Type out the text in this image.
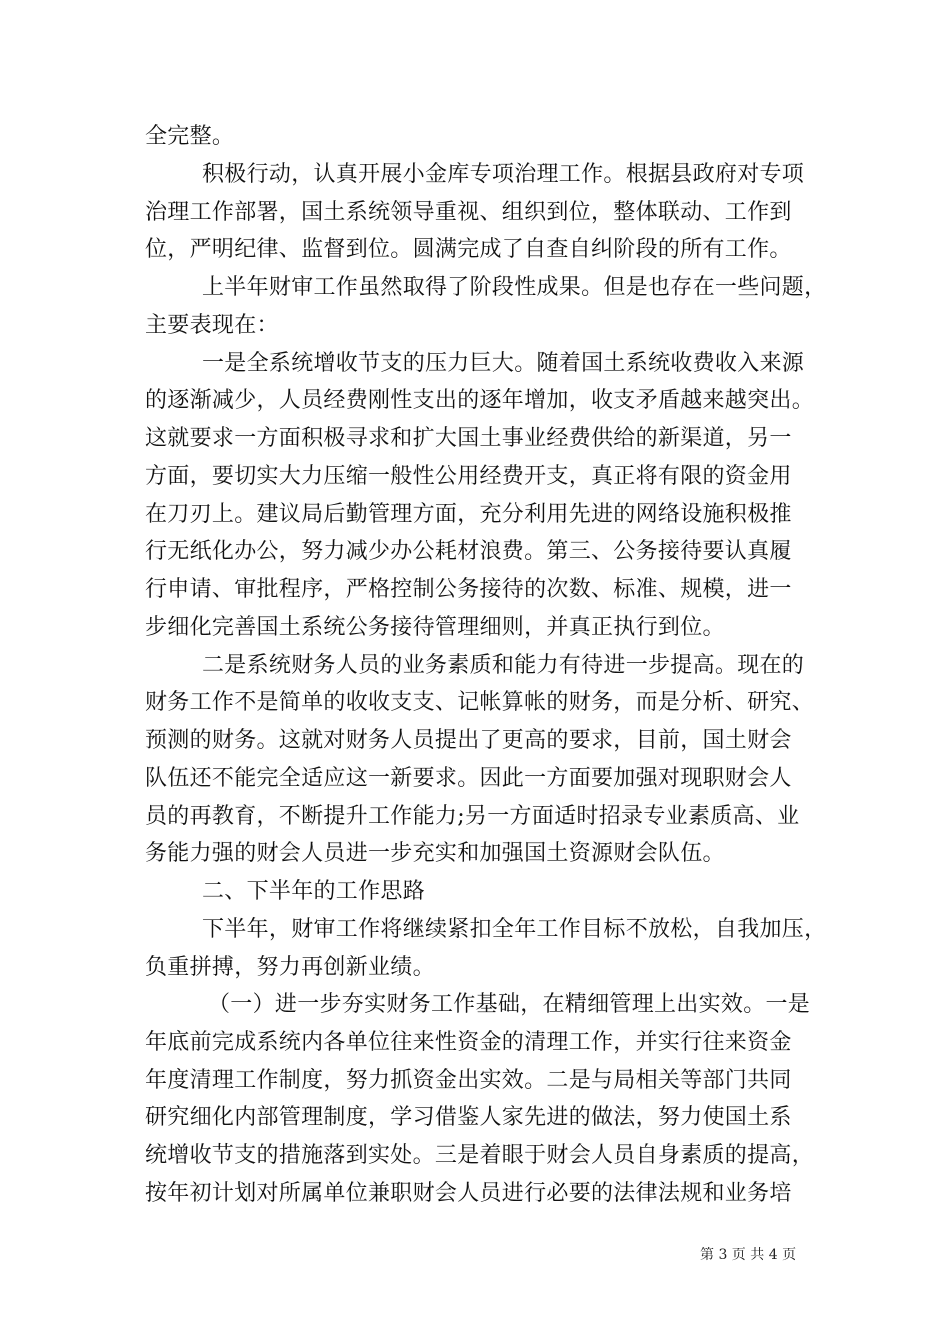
全完整。
积极行动，认真开展小金库专项治理工作。根据县政府对专项
治理工作部署，国土系统领导重视、组织到位，整体联动、工作到
位，严明纪律、监督到位。圆满完成了自查自纠阶段的所有工作。
上半年财审工作虽然取得了阶段性成果。但是也存在一些问题，
主要表现在：
一是全系统增收节支的压力巨大。随着国土系统收费收入来源
的逐渐减少，人员经费刚性支出的逐年增加，收支矛盾越来越突出。
这就要求一方面积极寻求和扩大国土事业经费供给的新渠道，另一
方面，要切实大力压缩一般性公用经费开支，真正将有限的资金用
在刀刃上。建议局后勤管理方面，充分利用先进的网络设施积极推
行无纸化办公，努力减少办公耗材浪费。第三、公务接待要认真履
行申请、审批程序，严格控制公务接待的次数、标准、规模，进一
步细化完善国土系统公务接待管理细则，并真正执行到位。
二是系统财务人员的业务素质和能力有待进一步提高。现在的
财务工作不是简单的收收支支、记帐算帐的财务，而是分析、研究、
预测的财务。这就对财务人员提出了更高的要求，目前，国土财会
队伍还不能完全适应这一新要求。因此一方面要加强对现职财会人
员的再教育，不断提升工作能力;另一方面适时招录专业素质高、业
务能力强的财会人员进一步充实和加强国土资源财会队伍。
二、下半年的工作思路
下半年，财审工作将继续紧扣全年工作目标不放松，自我加压，
负重拼搏，努力再创新业绩。
（一）进一步夯实财务工作基础，在精细管理上出实效。一是
年底前完成系统内各单位往来性资金的清理工作，并实行往来资金
年度清理工作制度，努力抓资金出实效。二是与局相关等部门共同
研究细化内部管理制度，学习借鉴人家先进的做法，努力使国土系
统增收节支的措施落到实处。三是着眼于财会人员自身素质的提高，
按年初计划对所属单位兼职财会人员进行必要的法律法规和业务培
第 3 页 共 4 页
